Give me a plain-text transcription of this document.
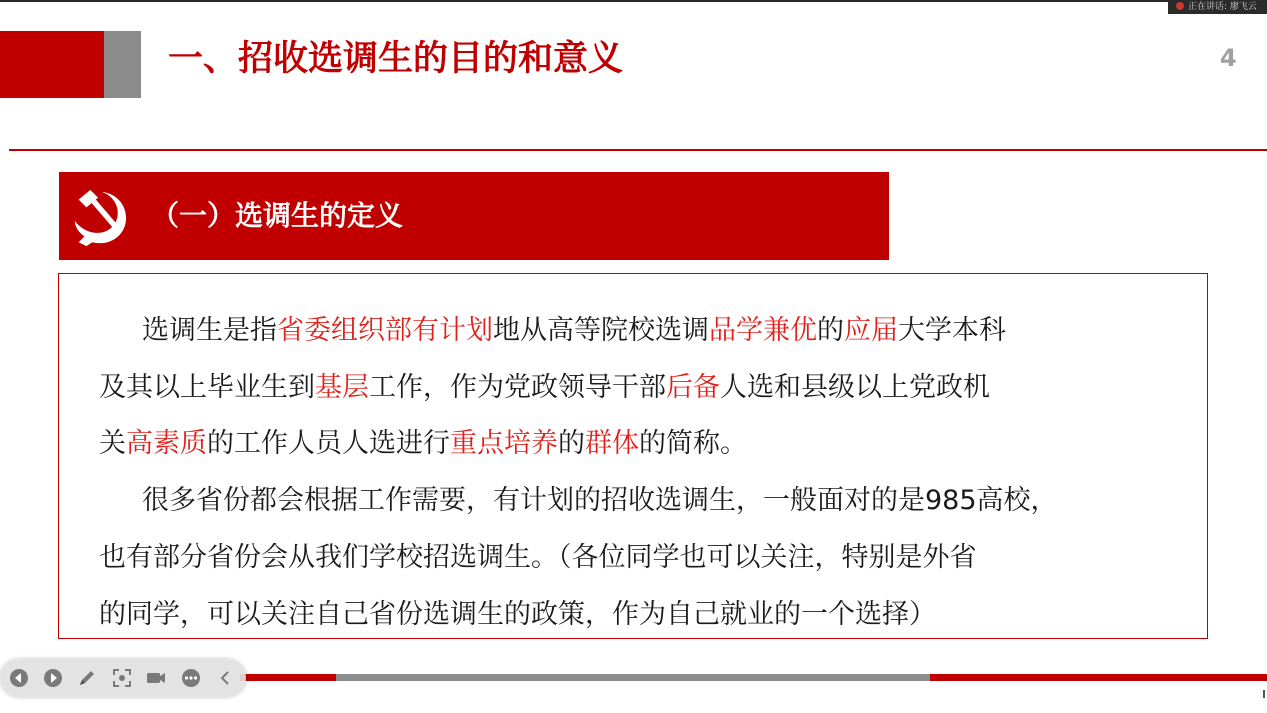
正在讲话: 廖飞云
一、招收选调生的目的和意义	4
（一）选调生的定义
选调生是指省委组织部有计划地从高等院校选调品学兼优的应届大学本科
及其以上毕业生到基层工作，作为党政领导干部后备人选和县级以上党政机
关高素质的工作人员人选进行重点培养的群体的简称。
很多省份都会根据工作需要，有计划的招收选调生，一般面对的是985高校，
也有部分省份会从我们学校招选调生。（各位同学也可以关注，特别是外省
的同学，可以关注自己省份选调生的政策，作为自己就业的一个选择）
